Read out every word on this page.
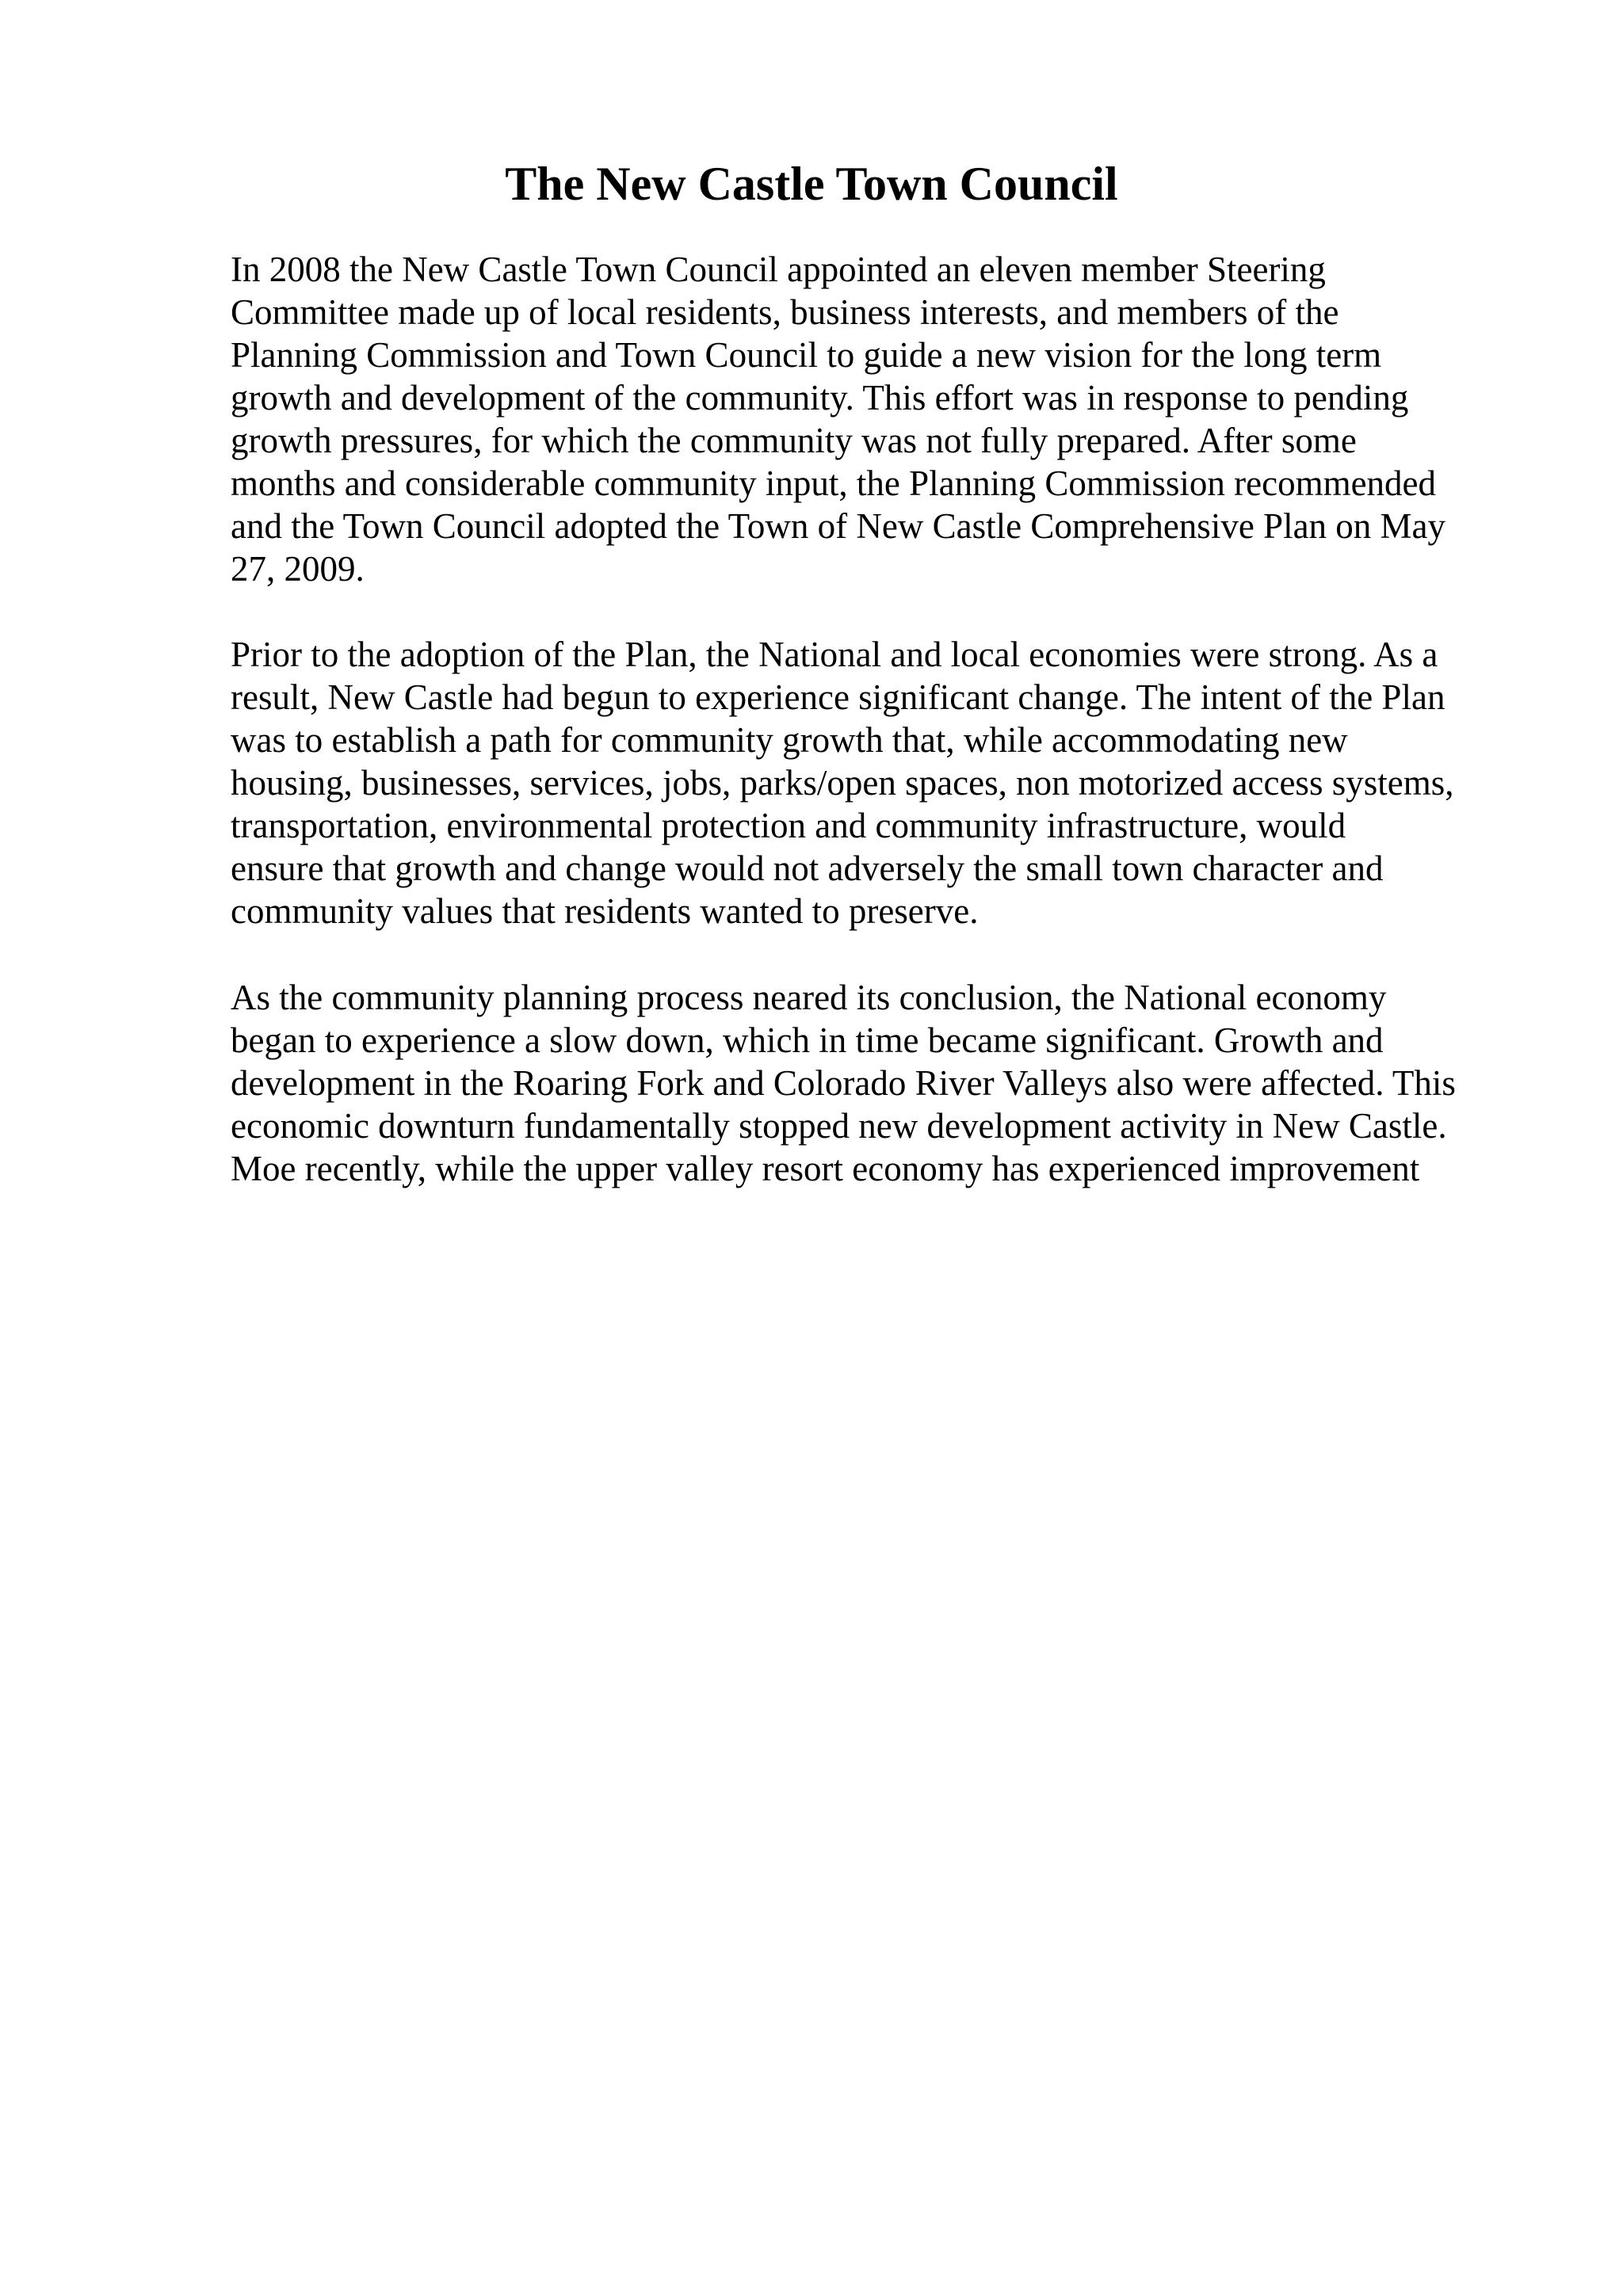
The New Castle Town Council

In 2008 the New Castle Town Council appointed an eleven member Steering

Committee made up of local residents, business interests, and members of the

Planning Commission and Town Council to guide a new vision for the long term

growth and development of the community. This effort was in response to pending

growth pressures, for which the community was not fully prepared. After some

months and considerable community input, the Planning Commission recommended

and the Town Council adopted the Town of New Castle Comprehensive Plan on May

27, 2009.

Prior to the adoption of the Plan, the National and local economies were strong. As a

result, New Castle had begun to experience significant change. The intent of the Plan

was to establish a path for community growth that, while accommodating new

housing, businesses, services, jobs, parks/open spaces, non motorized access systems,

transportation, environmental protection and community infrastructure, would

ensure that growth and change would not adversely the small town character and

community values that residents wanted to preserve.

As the community planning process neared its conclusion, the National economy

began to experience a slow down, which in time became significant. Growth and

development in the Roaring Fork and Colorado River Valleys also were affected. This

economic downturn fundamentally stopped new development activity in New Castle.

Moe recently, while the upper valley resort economy has experienced improvement
